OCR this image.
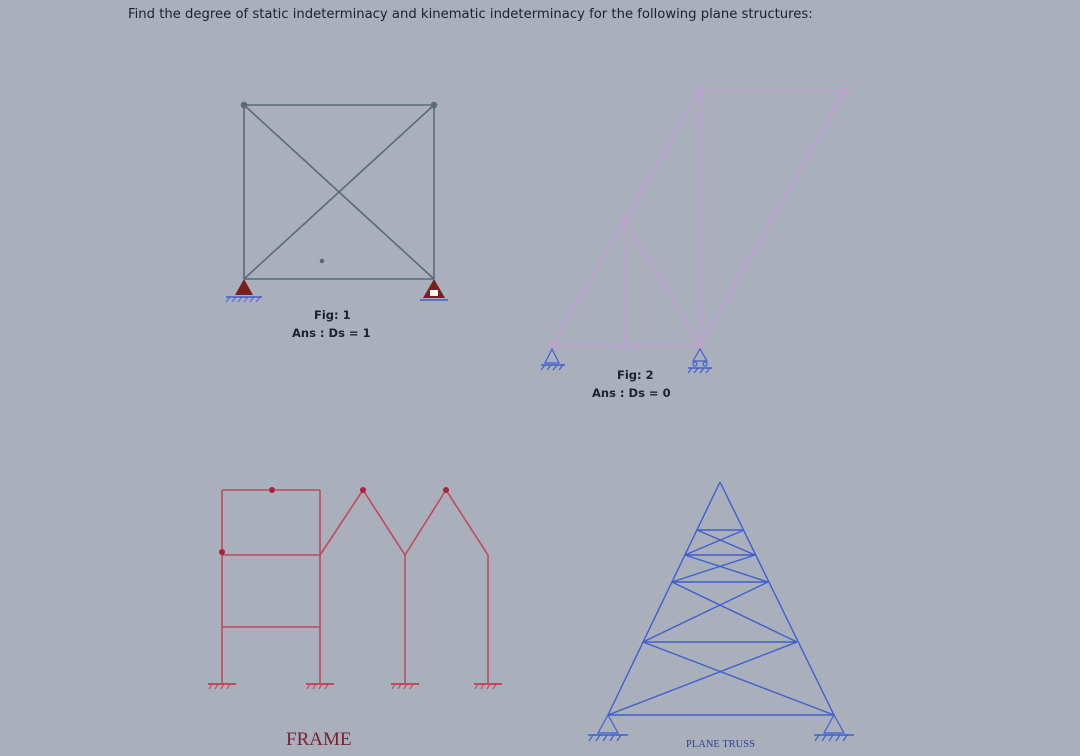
Find the degree of static indeterminacy and kinematic indeterminacy for the following plane structures:
Fig: 1
Ans : Ds = 1
Fig: 2
Ans : Ds = 0
FRAME	PLANE TRUSS
